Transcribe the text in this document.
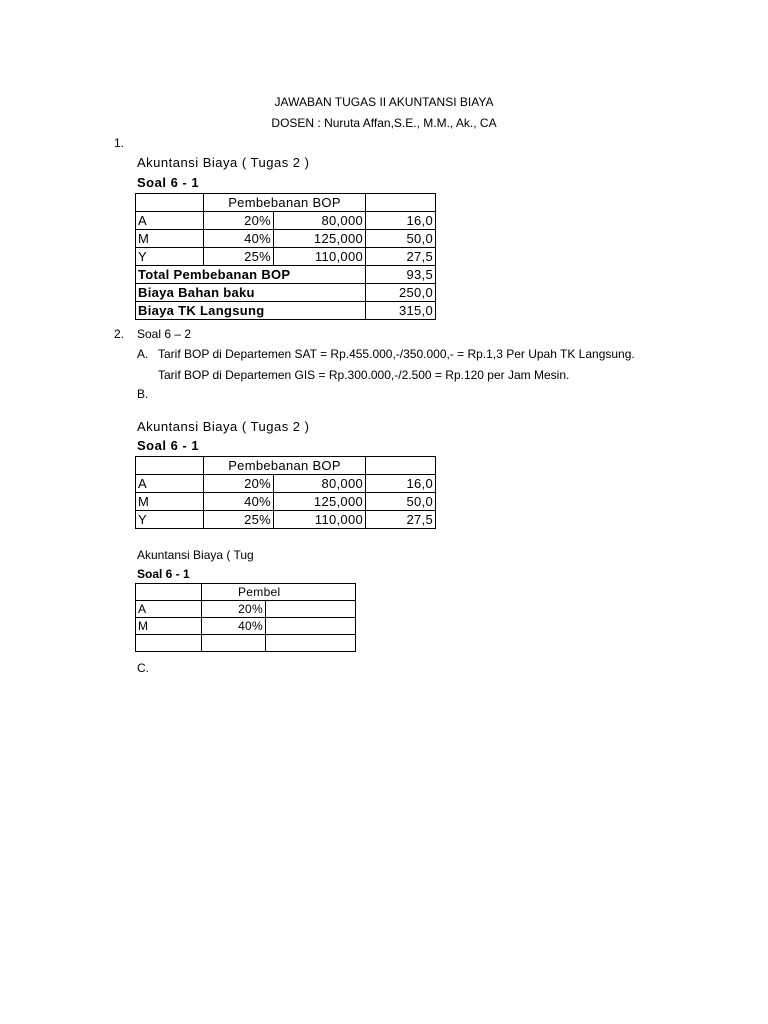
JAWABAN TUGAS II AKUNTANSI BIAYA
DOSEN : Nuruta Affan,S.E., M.M., Ak., CA
1.
Akuntansi Biaya ( Tugas 2 )
Soal 6 - 1
	Pembebanan BOP		
A	20%	80,000	16,0
M	40%	125,000	50,0
Y	25%	110,000	27,5
Total Pembebanan BOP			93,5
Biaya Bahan baku			250,0
Biaya TK Langsung			315,0
2. Soal 6 – 2
A. Tarif BOP di Departemen SAT = Rp.455.000,-/350.000,- = Rp.1,3 Per Upah TK Langsung.
Tarif BOP di Departemen GIS = Rp.300.000,-/2.500 = Rp.120 per Jam Mesin.
B.
Akuntansi Biaya ( Tugas 2 )
Soal 6 - 1
	Pembebanan BOP		
A	20%	80,000	16,0
M	40%	125,000	50,0
Y	25%	110,000	27,5
Akuntansi Biaya ( Tug
Soal 6 - 1
	Pembel	
A	20%	
M	40%	

C.
